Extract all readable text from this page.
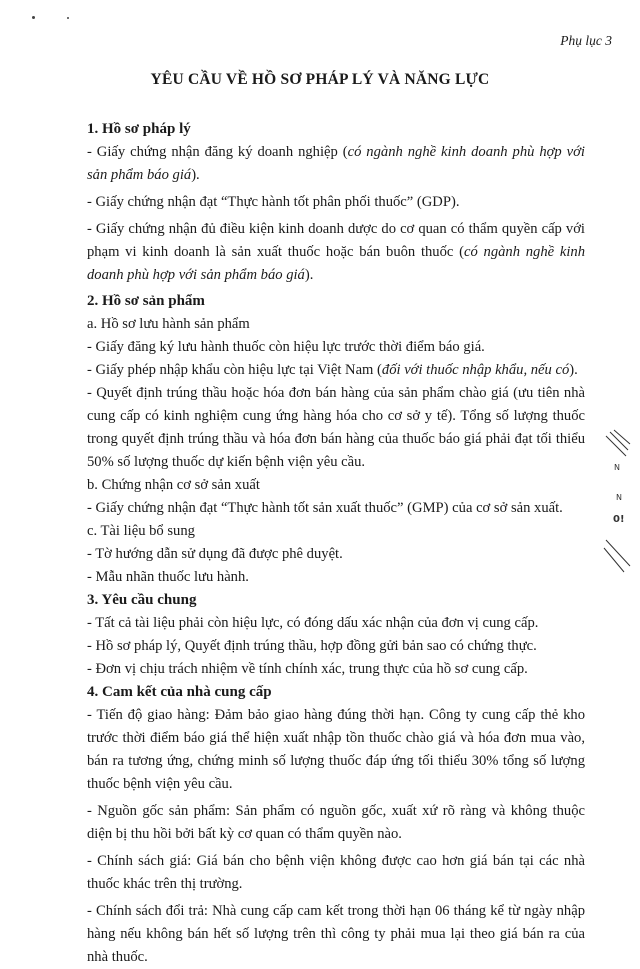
Phụ lục 3
YÊU CẦU VỀ HỒ SƠ PHÁP LÝ VÀ NĂNG LỰC

1. Hồ sơ pháp lý

- Giấy chứng nhận đăng ký doanh nghiệp (có ngành nghề kinh doanh phù hợp với sản phẩm báo giá).

- Giấy chứng nhận đạt “Thực hành tốt phân phối thuốc” (GDP).

- Giấy chứng nhận đủ điều kiện kinh doanh dược do cơ quan có thẩm quyền cấp với phạm vi kinh doanh là sản xuất thuốc hoặc bán buôn thuốc (có ngành nghề kinh doanh phù hợp với sản phẩm báo giá).

2. Hồ sơ sản phẩm

a. Hồ sơ lưu hành sản phẩm

- Giấy đăng ký lưu hành thuốc còn hiệu lực trước thời điểm báo giá.

- Giấy phép nhập khẩu còn hiệu lực tại Việt Nam (đối với thuốc nhập khẩu, nếu có).

- Quyết định trúng thầu hoặc hóa đơn bán hàng của sản phẩm chào giá (ưu tiên nhà cung cấp có kinh nghiệm cung ứng hàng hóa cho cơ sở y tế). Tổng số lượng thuốc trong quyết định trúng thầu và hóa đơn bán hàng của thuốc báo giá phải đạt tối thiểu 50% số lượng thuốc dự kiến bệnh viện yêu cầu.

b. Chứng nhận cơ sở sản xuất

- Giấy chứng nhận đạt “Thực hành tốt sản xuất thuốc” (GMP) của cơ sở sản xuất.

c. Tài liệu bổ sung

- Tờ hướng dẫn sử dụng đã được phê duyệt.

- Mẫu nhãn thuốc lưu hành.

3. Yêu cầu chung

- Tất cả tài liệu phải còn hiệu lực, có đóng dấu xác nhận của đơn vị cung cấp.

- Hồ sơ pháp lý, Quyết định trúng thầu, hợp đồng gửi bản sao có chứng thực.

- Đơn vị chịu trách nhiệm về tính chính xác, trung thực của hồ sơ cung cấp.

4. Cam kết của nhà cung cấp

- Tiến độ giao hàng: Đảm bảo giao hàng đúng thời hạn. Công ty cung cấp thẻ kho trước thời điểm báo giá thể hiện xuất nhập tồn thuốc chào giá và hóa đơn mua vào, bán ra tương ứng, chứng minh số lượng thuốc đáp ứng tối thiểu 30% tổng số lượng thuốc bệnh viện yêu cầu.

- Nguồn gốc sản phẩm: Sản phẩm có nguồn gốc, xuất xứ rõ ràng và không thuộc diện bị thu hồi bởi bất kỳ cơ quan có thẩm quyền nào.

- Chính sách giá: Giá bán cho bệnh viện không được cao hơn giá bán tại các nhà thuốc khác trên thị trường.

- Chính sách đổi trả: Nhà cung cấp cam kết trong thời hạn 06 tháng kể từ ngày nhập hàng nếu không bán hết số lượng trên thì công ty phải mua lại theo giá bán ra của nhà thuốc.

N
N
0!
